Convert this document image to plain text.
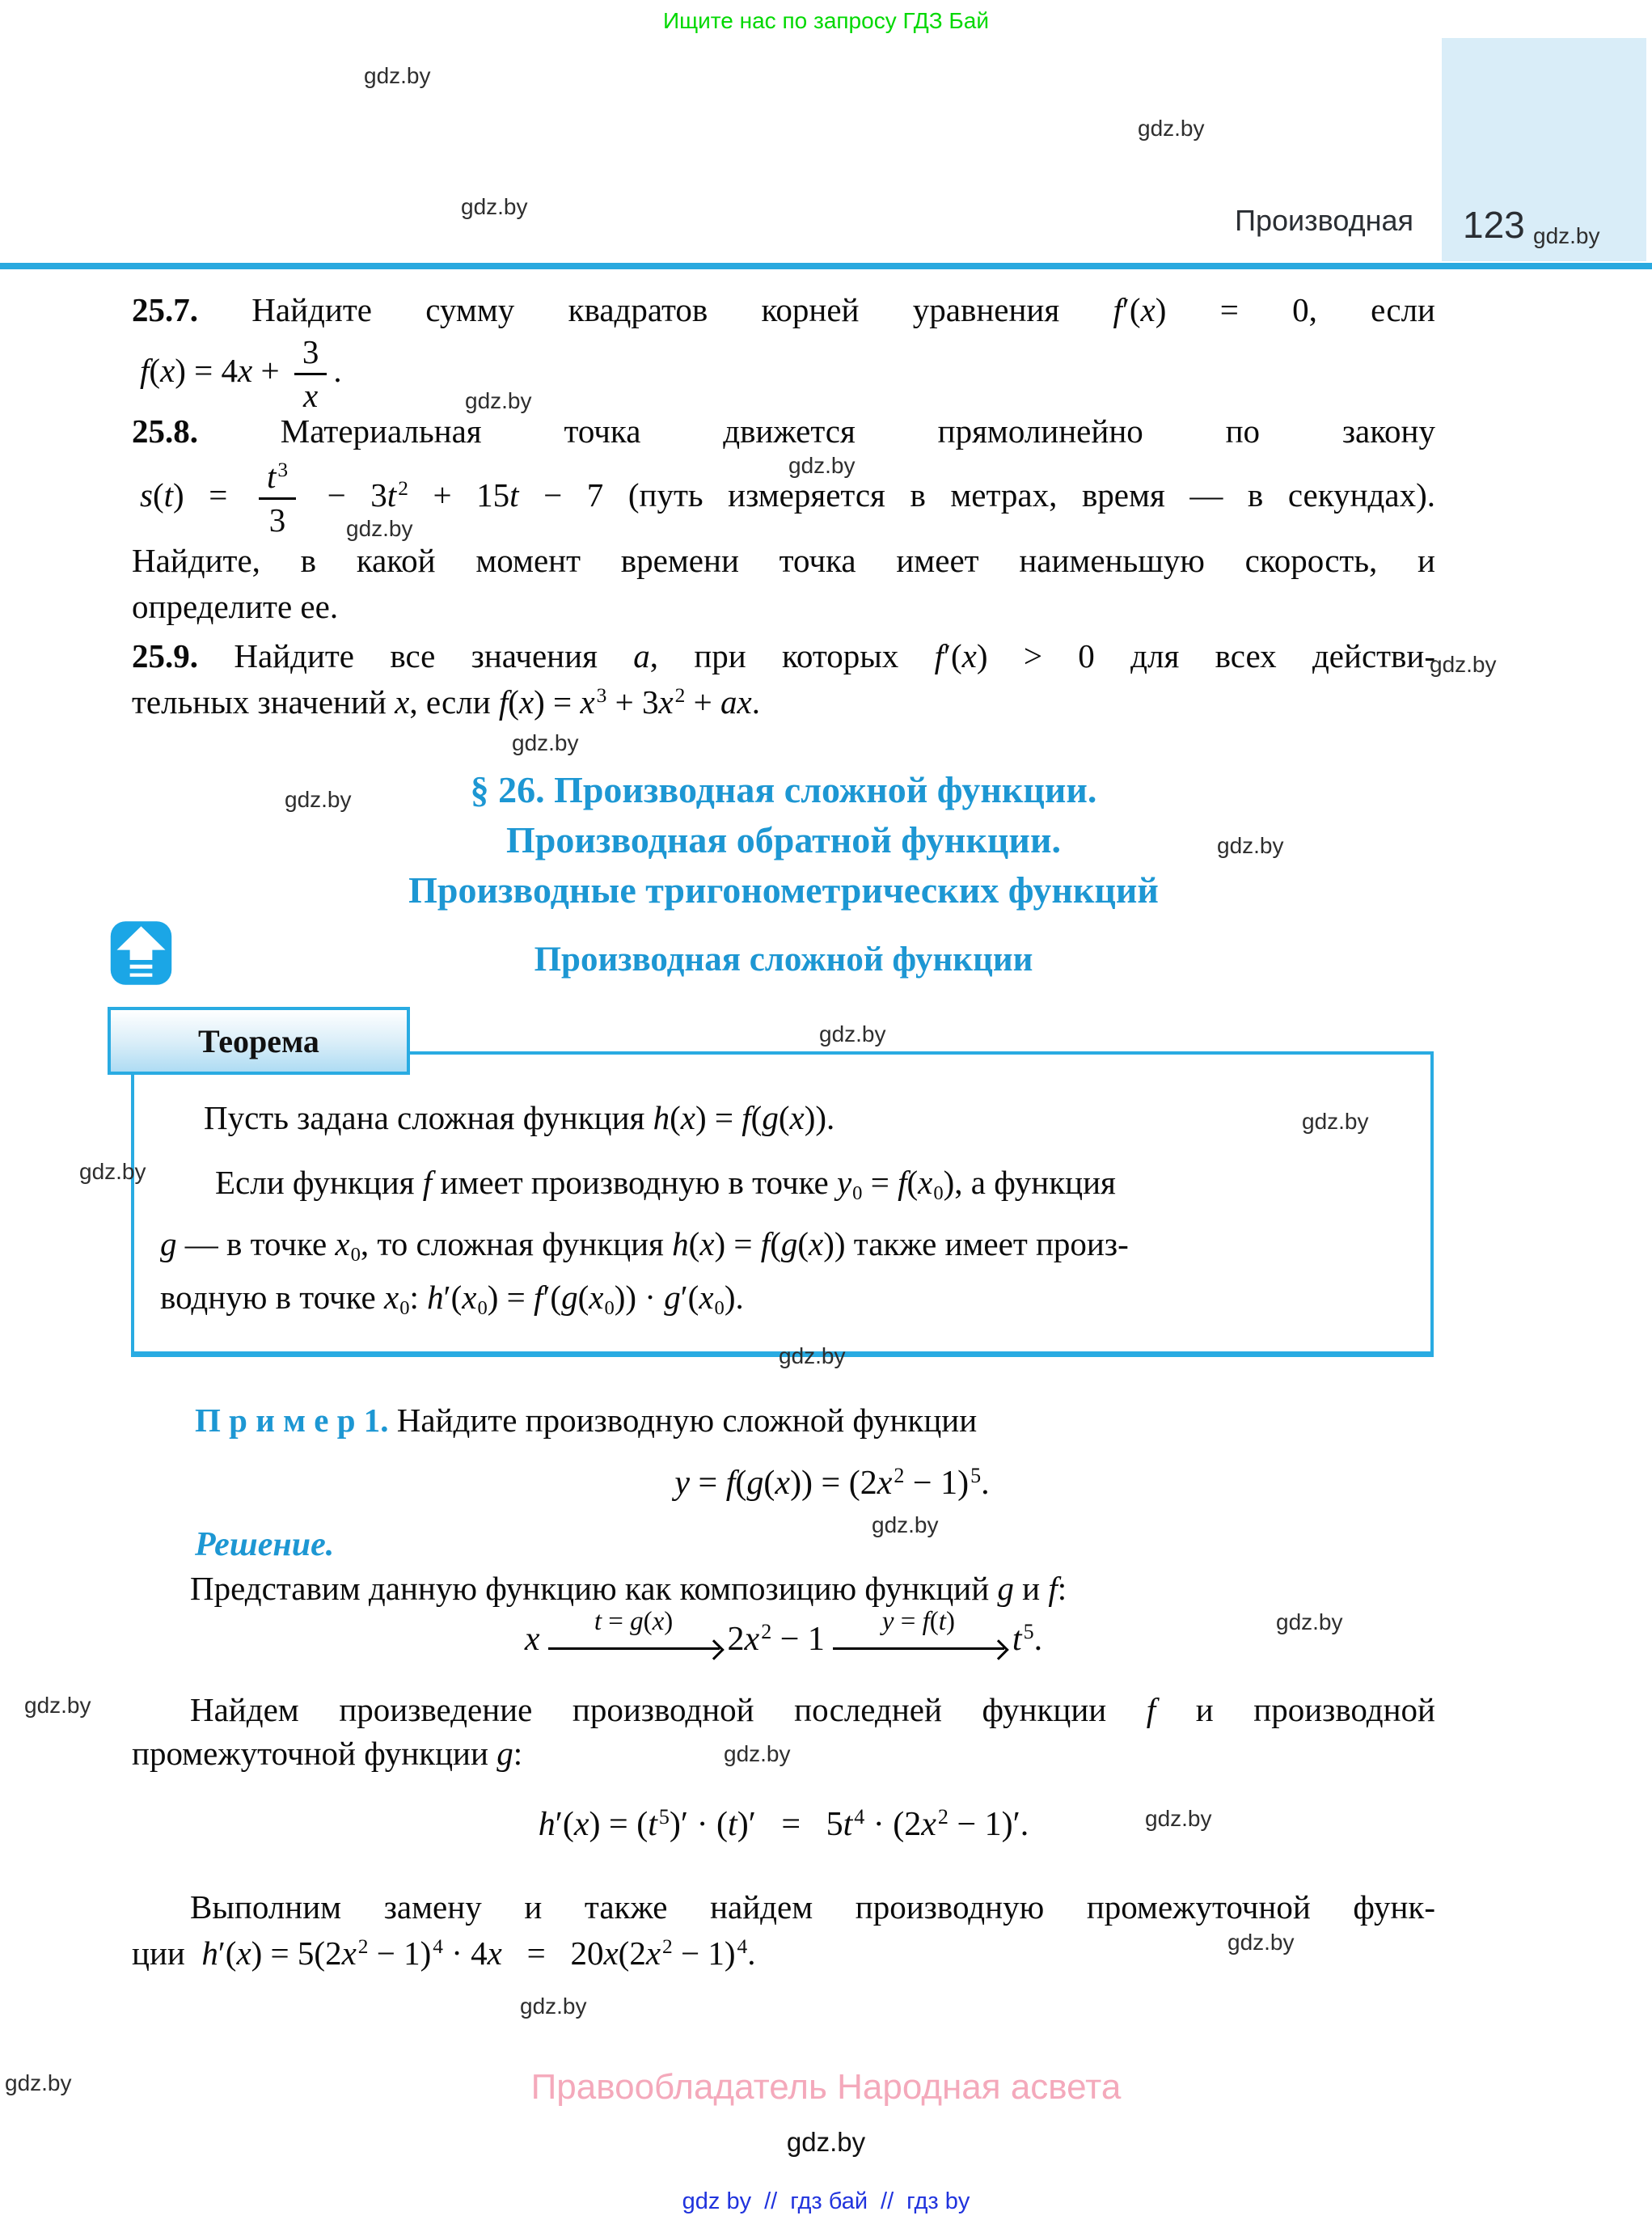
Ищите нас по запросу ГДЗ Бай
gdz.by
gdz.by
gdz.by
gdz.by
gdz.by
gdz.by
gdz.by
gdz.by
gdz.by
gdz.by
gdz.by
gdz.by
gdz.by
gdz.by
gdz.by
gdz.by
gdz.by
gdz.by
gdz.by
gdz.by
gdz.by
gdz.by
gdz.by
Производная 123
25.7. Найдите сумму квадратов корней уравнения f′(x) = 0, если
$f(x) = 4x + \frac{3}{x}$ .
25.8. Материальная точка движется прямолинейно по закону
$s(t) = \frac{t^3}{3} - 3t^2 + 15t - 7$ (путь измеряется в метрах, время — в секундах).
Найдите, в какой момент времени точка имеет наименьшую скорость, и
определите ее.
25.9. Найдите все значения a, при которых f′(x) > 0 для всех действи-
тельных значений x, если $f(x) = x^3 + 3x^2$ + ax.
§ 26. Производная сложной функции.
Производная обратной функции.
Производные тригонометрических функций
Производная сложной функции
Теорема
Пусть задана сложная функция h(x) = f(g(x)).
Если функция f имеет производную в точке $y_0 = f(x_0)$, а функция
g — в точке $x_0$, то сложная функция h(x) = f(g(x)) также имеет произ-
водную в точке $x_0$: $h'(x_0) = f'(g(x_0)) \cdot g'(x_0)$.
П р и м е р 1. Найдите производную сложной функции
$y = f(g(x)) = (2x^2 - 1)^5$.
Решение.
Представим данную функцию как композицию функций g и f:
x	t = g(x)	$2x^2 - 1$	y = f(t)	$t^5$.
Найдем произведение производной последней функции f и производной
промежуточной функции g:
$h'(x) = (t^5)' \cdot (t)'$  =  $5t^4 \cdot (2x^2 - 1)'$.
Выполним замену и также найдем производную промежуточной функ-
ции $h'(x) = 5(2x^2 - 1)^4 \cdot 4x$  =  $20x(2x^2 - 1)^4$.
Правообладатель Народная асвета
gdz.by
gdz by // гдз бай // гдз by
